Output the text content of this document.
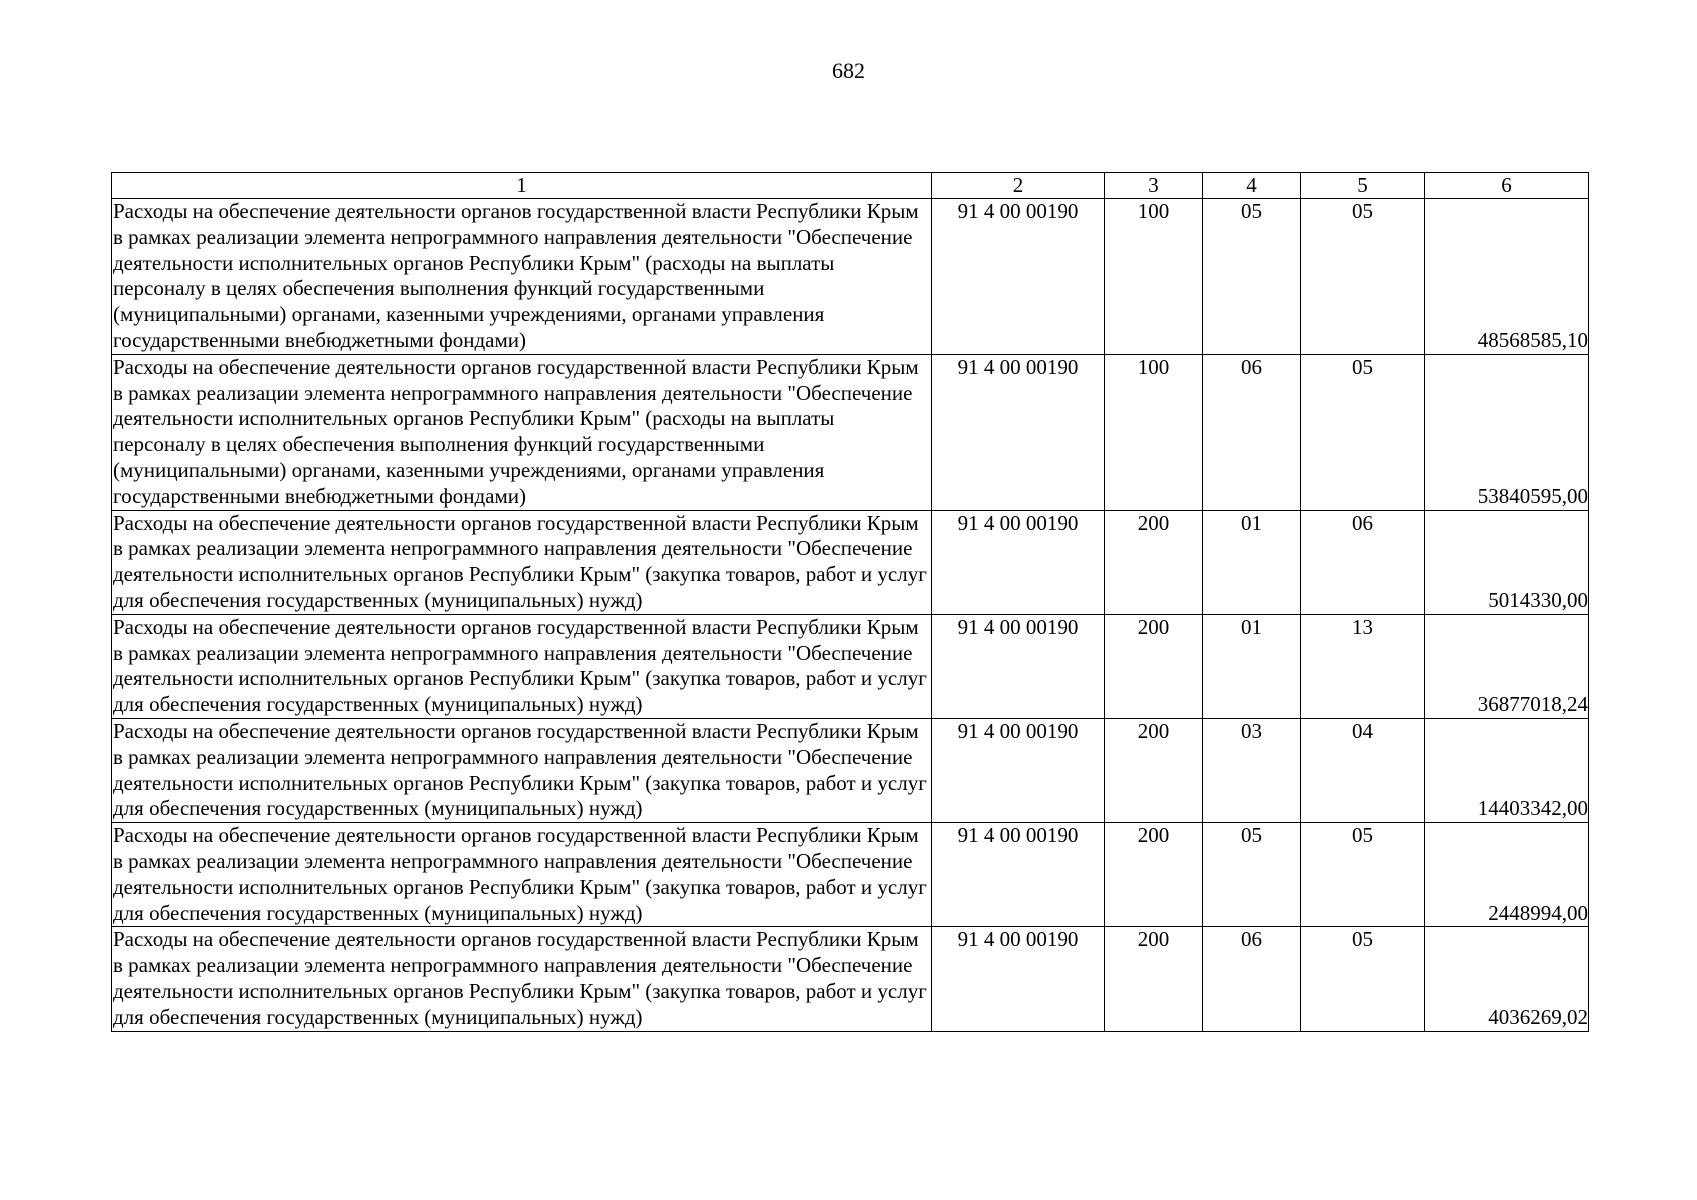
682
1	2	3	4	5	6
Расходы на обеспечение деятельности органов государственной власти Республики Крым в рамках реализации элемента непрограммного направления деятельности "Обеспечение деятельности исполнительных органов Республики Крым" (расходы на выплаты персоналу в целях обеспечения выполнения функций государственными (муниципальными) органами, казенными учреждениями, органами управления государственными внебюджетными фондами)	91 4 00 00190	100	05	05	48568585,10
Расходы на обеспечение деятельности органов государственной власти Республики Крым в рамках реализации элемента непрограммного направления деятельности "Обеспечение деятельности исполнительных органов Республики Крым" (расходы на выплаты персоналу в целях обеспечения выполнения функций государственными (муниципальными) органами, казенными учреждениями, органами управления государственными внебюджетными фондами)	91 4 00 00190	100	06	05	53840595,00
Расходы на обеспечение деятельности органов государственной власти Республики Крым в рамках реализации элемента непрограммного направления деятельности "Обеспечение деятельности исполнительных органов Республики Крым" (закупка товаров, работ и услуг для обеспечения государственных (муниципальных) нужд)	91 4 00 00190	200	01	06	5014330,00
Расходы на обеспечение деятельности органов государственной власти Республики Крым в рамках реализации элемента непрограммного направления деятельности "Обеспечение деятельности исполнительных органов Республики Крым" (закупка товаров, работ и услуг для обеспечения государственных (муниципальных) нужд)	91 4 00 00190	200	01	13	36877018,24
Расходы на обеспечение деятельности органов государственной власти Республики Крым в рамках реализации элемента непрограммного направления деятельности "Обеспечение деятельности исполнительных органов Республики Крым" (закупка товаров, работ и услуг для обеспечения государственных (муниципальных) нужд)	91 4 00 00190	200	03	04	14403342,00
Расходы на обеспечение деятельности органов государственной власти Республики Крым в рамках реализации элемента непрограммного направления деятельности "Обеспечение деятельности исполнительных органов Республики Крым" (закупка товаров, работ и услуг для обеспечения государственных (муниципальных) нужд)	91 4 00 00190	200	05	05	2448994,00
Расходы на обеспечение деятельности органов государственной власти Республики Крым в рамках реализации элемента непрограммного направления деятельности "Обеспечение деятельности исполнительных органов Республики Крым" (закупка товаров, работ и услуг для обеспечения государственных (муниципальных) нужд)	91 4 00 00190	200	06	05	4036269,02
